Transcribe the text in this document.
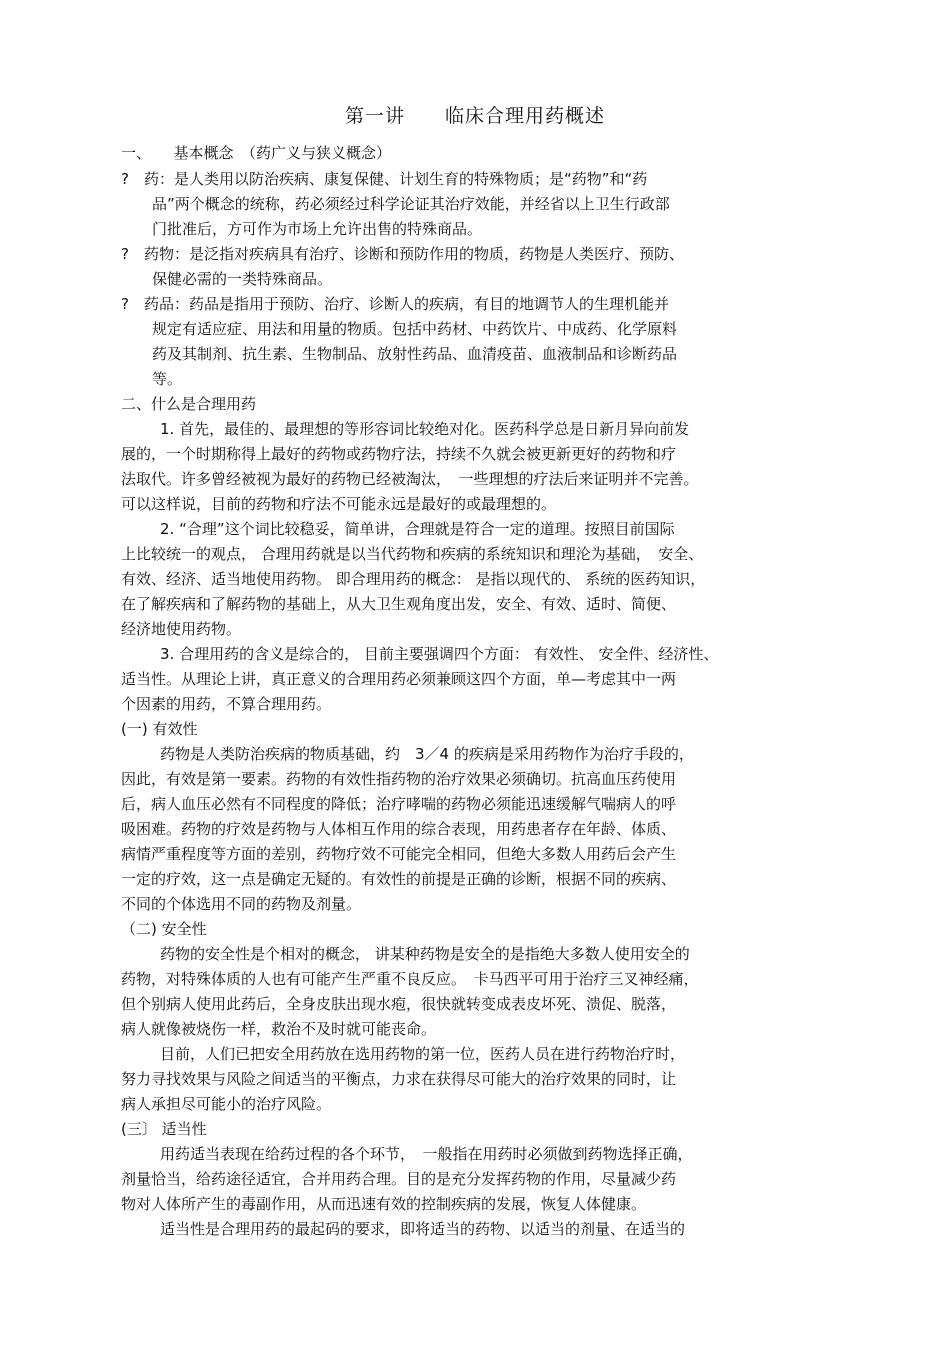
第一讲　　临床合理用药概述
一、　　基本概念　（药广义与狭义概念）
?　药：是人类用以防治疾病、康复保健、计划生育的特殊物质；是“药物”和“药
品”两个概念的统称，药必须经过科学论证其治疗效能，并经省以上卫生行政部
门批准后，方可作为市场上允许出售的特殊商品。
?　药物：是泛指对疾病具有治疗、诊断和预防作用的物质，药物是人类医疗、预防、
保健必需的一类特殊商品。
?　药品：药品是指用于预防、治疗、诊断人的疾病，有目的地调节人的生理机能并
规定有适应症、用法和用量的物质。包括中药材、中药饮片、中成药、化学原料
药及其制剂、抗生素、生物制品、放射性药品、血清疫苗、血液制品和诊断药品
等。
二、什么是合理用药
1. 首先，最佳的、最理想的等形容词比较绝对化。医药科学总是日新月异向前发
展的，一个时期称得上最好的药物或药物疗法，持续不久就会被更新更好的药物和疗
法取代。许多曾经被视为最好的药物已经被淘汰，　一些理想的疗法后来证明并不完善。
可以这样说，目前的药物和疗法不可能永远是最好的或最理想的。
2. “合理”这个词比较稳妥，简单讲，合理就是符合一定的道理。按照目前国际
上比较统一的观点， 合理用药就是以当代药物和疾病的系统知识和理沦为基础，　安全、
有效、经济、适当地使用药物。 即合理用药的概念： 是指以现代的、 系统的医药知识，
在了解疾病和了解药物的基础上，从大卫生观角度出发，安全、有效、适时、简便、
经济地使用药物。
3. 合理用药的含义是综合的， 目前主要强调四个方面： 有效性、 安全件、经济性、
适当性。从理论上讲，真正意义的合理用药必须兼顾这四个方面，单—考虑其中一两
个因素的用药，不算合理用药。
(一) 有效性
药物是人类防治疾病的物质基础，约　3／4 的疾病是采用药物作为治疗手段的，
因此，有效是第一要素。药物的有效性指药物的治疗效果必须确切。抗高血压药使用
后，病人血压必然有不同程度的降低；治疗哮喘的药物必须能迅速缓解气喘病人的呼
吸困难。药物的疗效是药物与人体相互作用的综合表现，用药患者存在年龄、体质、
病情严重程度等方面的差别，药物疗效不可能完全相同，但绝大多数人用药后会产生
一定的疗效，这一点是确定无疑的。有效性的前提是正确的诊断，根据不同的疾病、
不同的个体选用不同的药物及剂量。
（二) 安全性
药物的安全性是个相对的概念， 讲某种药物是安全的是指绝大多数人使用安全的
药物，对特殊体质的人也有可能产生严重不良反应。　卡马西平可用于治疗三叉神经痛，
但个别病人使用此药后，全身皮肤出现水疱，很快就转变成表皮坏死、溃促、脱落，
病人就像被烧伤一样，救治不及时就可能丧命。
目前，人们已把安全用药放在选用药物的第一位，医药人员在进行药物治疗时，
努力寻找效果与风险之间适当的平衡点，力求在获得尽可能大的治疗效果的同时，让
病人承担尽可能小的治疗风险。
(三〕 适当性
用药适当表现在给药过程的各个环节，　一般指在用药时必须做到药物选择正确，
剂量恰当，给药途径适宜，合并用药合理。目的是充分发挥药物的作用，尽量减少药
物对人体所产生的毒副作用，从而迅速有效的控制疾病的发展，恢复人体健康。
适当性是合理用药的最起码的要求，即将适当的药物、以适当的剂量、在适当的
